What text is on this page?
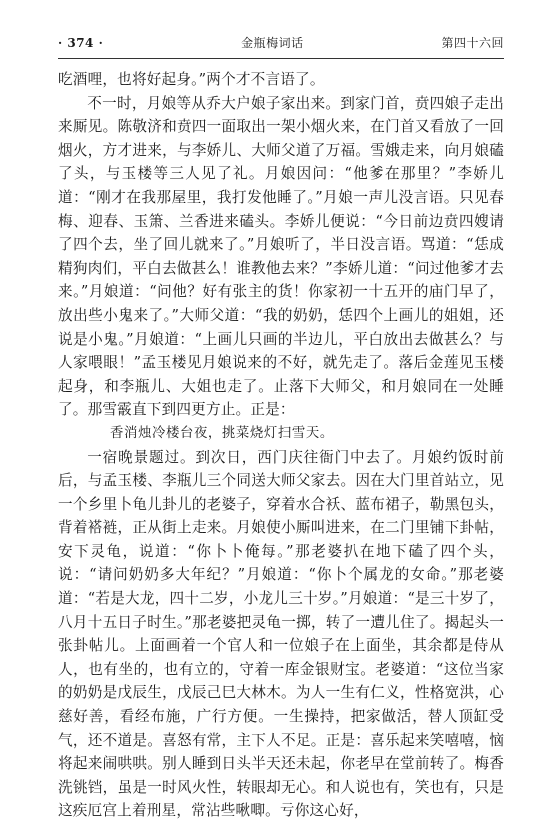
· 374 ·	金瓶梅词话	第四十六回

吃酒哩，也将好起身。”两个才不言语了。

不一时，月娘等从乔大户娘子家出来。到家门首，贲四娘子走出来厮见。陈敬济和贲四一面取出一架小烟火来，在门首又看放了一回烟火，方才进来，与李娇儿、大师父道了万福。雪娥走来，向月娘磕了头，与玉楼等三人见了礼。月娘因问：“他爹在那里？”李娇儿道：“刚才在我那屋里，我打发他睡了。”月娘一声儿没言语。只见春梅、迎春、玉箫、兰香进来磕头。李娇儿便说：“今日前边贲四嫂请了四个去，坐了回儿就来了。”月娘听了，半日没言语。骂道：“恁成精狗肉们，平白去做甚么！谁教他去来？”李娇儿道：“问过他爹才去来。”月娘道：“问他？好有张主的货！你家初一十五开的庙门早了，放出些小鬼来了。”大师父道：“我的奶奶，恁四个上画儿的姐姐，还说是小鬼。”月娘道：“上画儿只画的半边儿，平白放出去做甚么？与人家喂眼！”孟玉楼见月娘说来的不好，就先走了。落后金莲见玉楼起身，和李瓶儿、大姐也走了。止落下大师父，和月娘同在一处睡了。那雪霰直下到四更方止。正是：

香消烛冷楼台夜，挑菜烧灯扫雪天。

一宿晚景题过。到次日，西门庆往衙门中去了。月娘约饭时前后，与孟玉楼、李瓶儿三个同送大师父家去。因在大门里首站立，见一个乡里卜龟儿卦儿的老婆子，穿着水合袄、蓝布裙子，勒黑包头，背着褡裢，正从街上走来。月娘使小厮叫进来，在二门里铺下卦帖，安下灵龟，说道：“你卜卜俺每。”那老婆扒在地下磕了四个头，说：“请问奶奶多大年纪？”月娘道：“你卜个属龙的女命。”那老婆道：“若是大龙，四十二岁，小龙儿三十岁。”月娘道：“是三十岁了，八月十五日子时生。”那老婆把灵龟一掷，转了一遭儿住了。揭起头一张卦帖儿。上面画着一个官人和一位娘子在上面坐，其余都是侍从人，也有坐的，也有立的，守着一库金银财宝。老婆道：“这位当家的奶奶是戊辰生，戊辰己巳大林木。为人一生有仁义，性格宽洪，心慈好善，看经布施，广行方便。一生操持，把家做活，替人顶缸受气，还不道是。喜怒有常，主下人不足。正是：喜乐起来笑嘻嘻，恼将起来闹哄哄。别人睡到日头半天还未起，你老早在堂前转了。梅香洗铫铛，虽是一时风火性，转眼却无心。和人说也有，笑也有，只是这疾厄宫上着刑星，常沾些啾唧。亏你这心好，
